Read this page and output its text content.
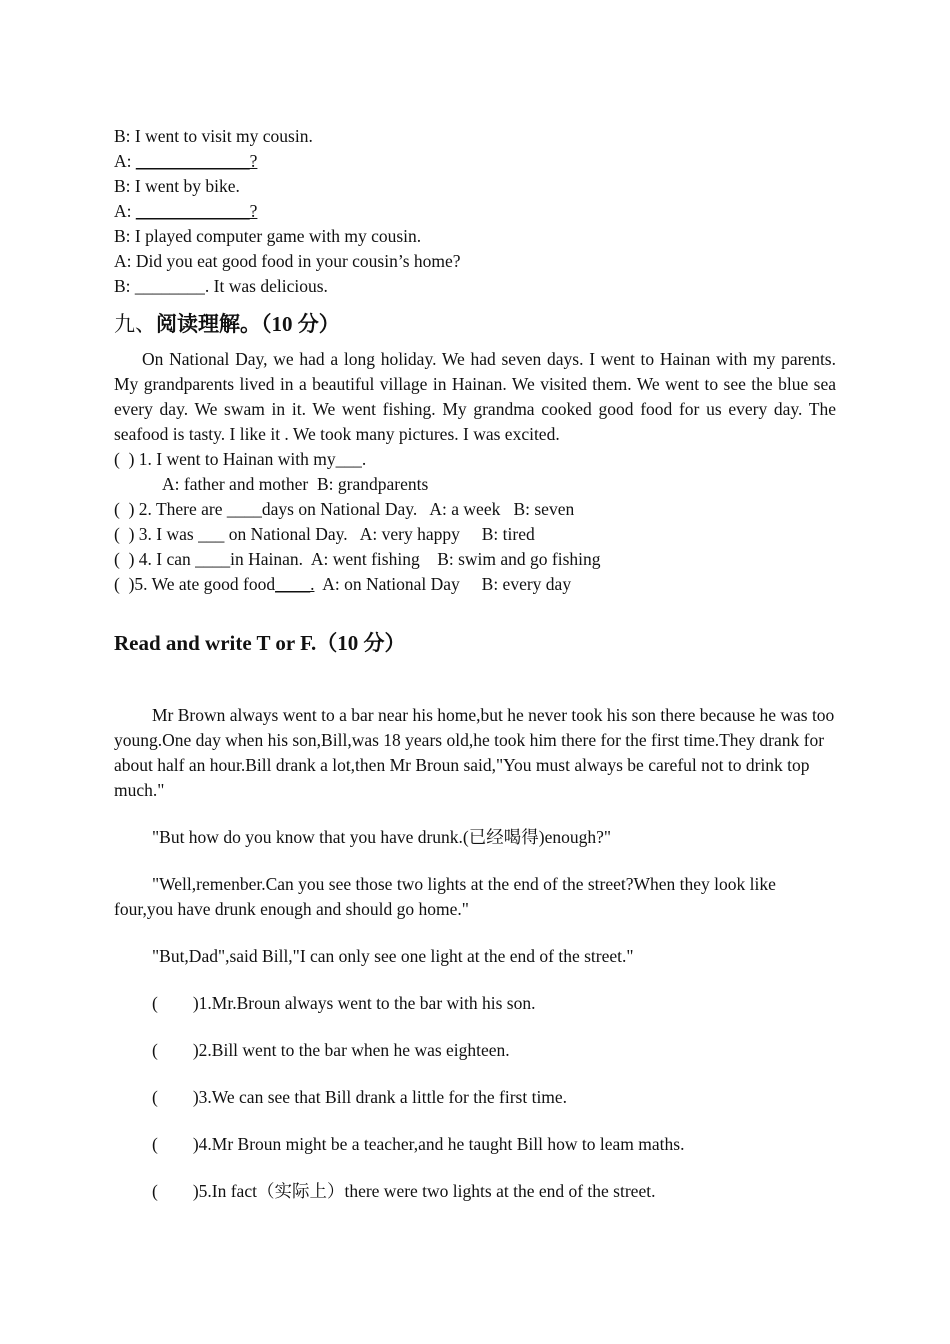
B: I went to visit my cousin.
A: _____________?
B: I went by bike.
A: _____________?
B: I played computer game with my cousin.
A: Did you eat good food in your cousin’s home?
B: ________. It was delicious.
九、阅读理解。（10 分）
On National Day, we had a long holiday. We had seven days. I went to Hainan with my parents. My grandparents lived in a beautiful village in Hainan. We visited them. We went to see the blue sea every day. We swam in it. We went fishing. My grandma cooked good food for us every day. The seafood is tasty. I like it . We took many pictures. I was excited.
(  ) 1. I went to Hainan with my___.
A: father and mother  B: grandparents
(  ) 2. There are ____days on National Day.   A: a week   B: seven
(  ) 3. I was ___ on National Day.   A: very happy     B: tired
(  ) 4. I can ____in Hainan.  A: went fishing    B: swim and go fishing
(  )5. We ate good food____.  A: on National Day     B: every day
Read and write T or F.（10 分）
Mr Brown always went to a bar near his home,but he never took his son there because he was too young.One day when his son,Bill,was 18 years old,he took him there for the first time.They drank for about half an hour.Bill drank a lot,then Mr Broun said,"You must always be careful not to drink top much."
"But how do you know that you have drunk.(已经喝得)enough?"
"Well,remenber.Can you see those two lights at the end of the street?When they look like four,you have drunk enough and should go home."
"But,Dad",said Bill,"I can only see one light at the end of the street."
(        )1.Mr.Broun always went to the bar with his son.
(        )2.Bill went to the bar when he was eighteen.
(        )3.We can see that Bill drank a little for the first time.
(        )4.Mr Broun might be a teacher,and he taught Bill how to leam maths.
(        )5.In fact（实际上）there were two lights at the end of the street.
